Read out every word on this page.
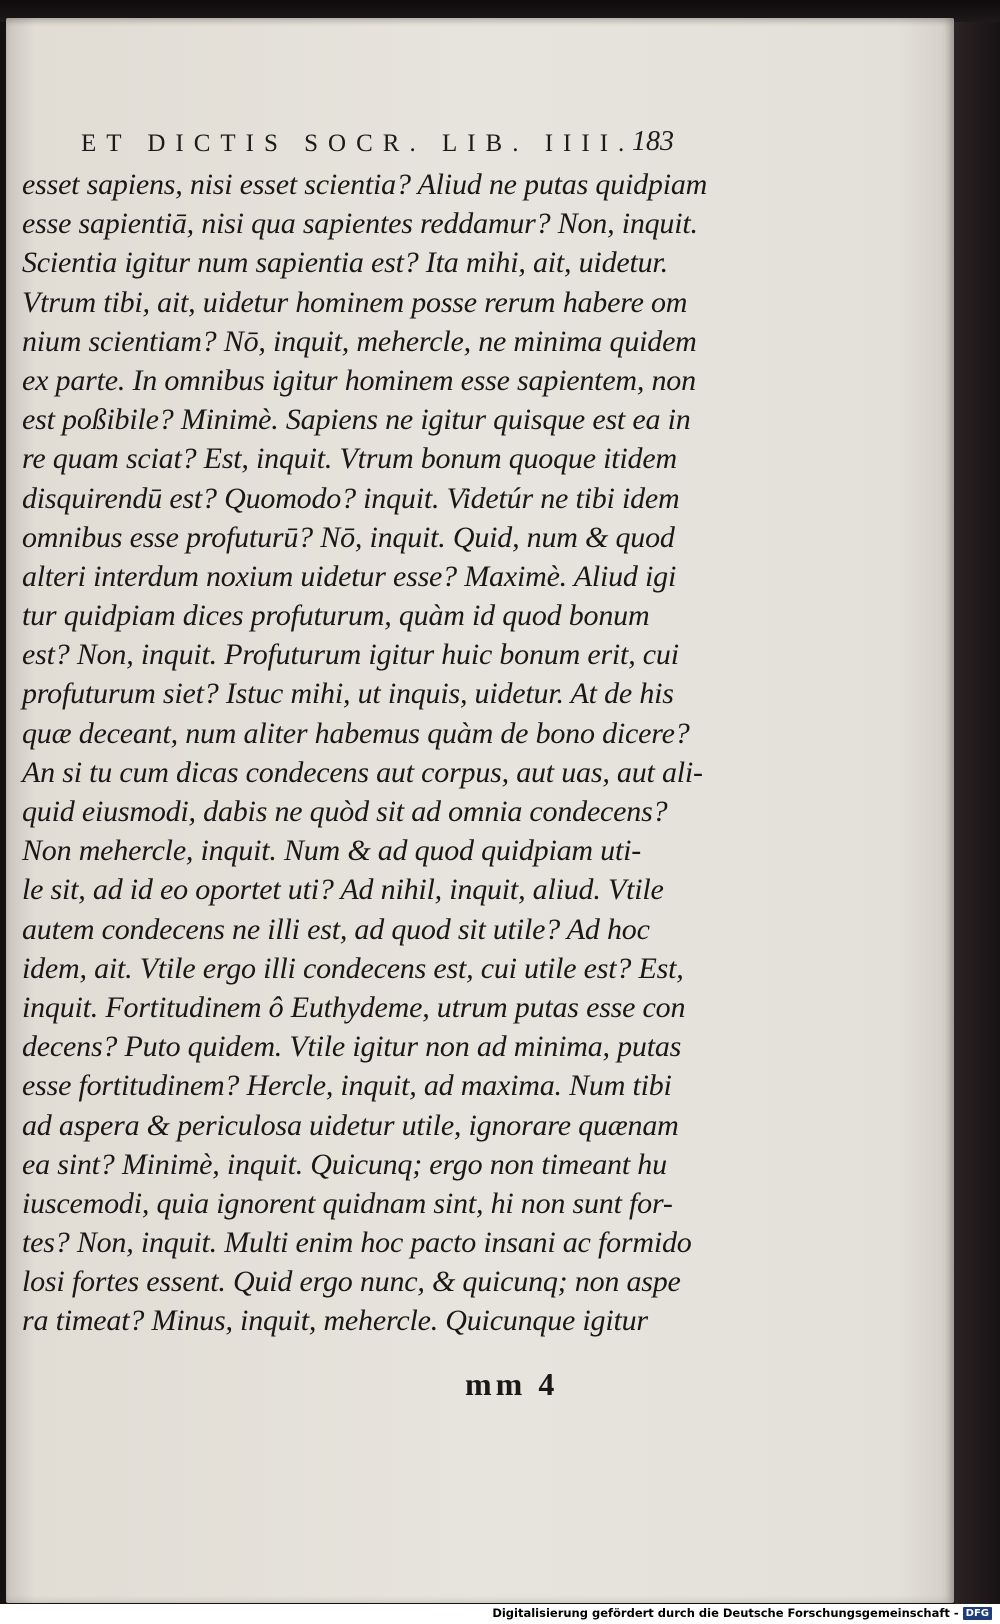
ET DICTIS SOCR. LIB. IIII.
183
esset sapiens, nisi esset scientia? Aliud ne putas quidpiam
esse sapientiā, nisi qua sapientes reddamur? Non, inquit.
Scientia igitur num sapientia est? Ita mihi, ait, uidetur.
Vtrum tibi, ait, uidetur hominem posse rerum habere om
nium scientiam? Nō, inquit, mehercle, ne minima quidem
ex parte. In omnibus igitur hominem esse sapientem, non
est poßibile? Minimè. Sapiens ne igitur quisque est ea in
re quam sciat? Est, inquit. Vtrum bonum quoque itidem
disquirendū est? Quomodo? inquit. Videtúr ne tibi idem
omnibus esse profuturū? Nō, inquit. Quid, num & quod
alteri interdum noxium uidetur esse? Maximè. Aliud igi
tur quidpiam dices profuturum, quàm id quod bonum
est? Non, inquit. Profuturum igitur huic bonum erit, cui
profuturum siet? Istuc mihi, ut inquis, uidetur. At de his
quæ deceant, num aliter habemus quàm de bono dicere?
An si tu cum dicas condecens aut corpus, aut uas, aut ali-
quid eiusmodi, dabis ne quòd sit ad omnia condecens?
Non mehercle, inquit. Num & ad quod quidpiam uti-
le sit, ad id eo oportet uti? Ad nihil, inquit, aliud. Vtile
autem condecens ne illi est, ad quod sit utile? Ad hoc
idem, ait. Vtile ergo illi condecens est, cui utile est? Est,
inquit. Fortitudinem ô Euthydeme, utrum putas esse con
decens? Puto quidem. Vtile igitur non ad minima, putas
esse fortitudinem? Hercle, inquit, ad maxima. Num tibi
ad aspera & periculosa uidetur utile, ignorare quænam
ea sint? Minimè, inquit. Quicunq; ergo non timeant hu
iuscemodi, quia ignorent quidnam sint, hi non sunt for-
tes? Non, inquit. Multi enim hoc pacto insani ac formido
losi fortes essent. Quid ergo nunc, & quicunq; non aspe
ra timeat? Minus, inquit, mehercle. Quicunque igitur
mm 4
Digitalisierung gefördert durch die Deutsche Forschungsgemeinschaft - DFG
